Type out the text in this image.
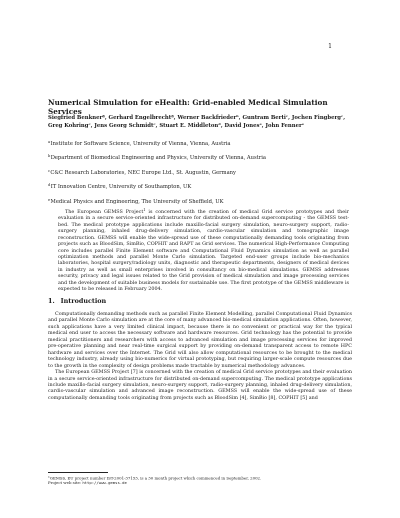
1
Numerical Simulation for eHealth: Grid-enabled Medical Simulation Services
Siegfried Benknerª, Gerhard Engelbrechtª, Werner Backfriederᵇ, Guntram Bertiᶜ, Jochen Fingbergᶜ, Greg Kohringᶜ, Jens Georg Schmidtᶜ, Stuart E. Middletonᵈ, David Jonesᵉ, John Fennerᵉ
$^a$Institute for Software Science, University of Vienna, Vienna, Austria
$^b$Department of Biomedical Engineering and Physics, University of Vienna, Austria
$^c$C&C Research Laboratories, NEC Europe Ltd., St. Augustin, Germany
$^d$IT Innovation Centre, University of Southampton, UK
$^e$Medical Physics and Engineering, The University of Sheffield, UK
The European GEMSS Project$^1$ is concerned with the creation of medical Grid service prototypes and their evaluation in a secure service-oriented infrastructure for distributed on-demand supercomputing - the GEMSS test-bed. The medical prototype applications include maxillo-facial surgery simulation, neuro-surgery support, radio-surgery planning, inhaled drug-delivery simulation, cardio-vascular simulation and tomographic image reconstruction. GEMSS will enable the wide-spread use of these computationally demanding tools originating from projects such as BloodSim, SimBio, COPHIT and RAPT as Grid services. The numerical High-Performance Computing core includes parallel Finite Element software and Computational Fluid Dynamics simulation as well as parallel optimization methods and parallel Monte Carlo simulation. Targeted end-user groups include bio-mechanics laboratories, hospital surgery/radiology units, diagnostic and therapeutic departments, designers of medical devices in industry as well as small enterprises involved in consultancy on bio-medical simulations. GEMSS addresses security, privacy and legal issues related to the Grid provision of medical simulation and image processing services and the development of suitable business models for sustainable use. The first prototype of the GEMSS middleware is expected to be released in February 2004.
1. Introduction

Computationally demanding methods such as parallel Finite Element Modelling, parallel Computational Fluid Dynamics and parallel Monte Carlo simulation are at the core of many advanced bio-medical simulation applications. Often, however, such applications have a very limited clinical impact, because there is no convenient or practical way for the typical medical end user to access the necessary software and hardware resources. Grid technology has the potential to provide medical practitioners and researchers with access to advanced simulation and image processing services for improved pre-operative planning and near real-time surgical support by providing on-demand transparent access to remote HPC hardware and services over the Internet. The Grid will also allow computational resources to be brought to the medical technology industry, already using bio-numerics for virtual prototyping, but requiring larger-scale compute resources due to the growth in the complexity of design problems made tractable by numerical methodology advances.

The European GEMSS Project [7] is concerned with the creation of medical Grid service prototypes and their evaluation in a secure service-oriented infrastructure for distributed on-demand supercomputing. The medical prototype applications include maxillo-facial surgery simulation, neuro-surgery support, radio-surgery planning, inhaled drug-delivery simulation, cardio-vascular simulation and advanced image reconstruction. GEMSS will enable the wide-spread use of these computationally demanding tools originating from projects such as BloodSim [4], SimBio [8], COPHIT [5] and

$^1$GEMSS, EU project number IST-2001-37153, is a 30 month project which commenced in September, 2002.
Project web site: http://www.gemss.de
